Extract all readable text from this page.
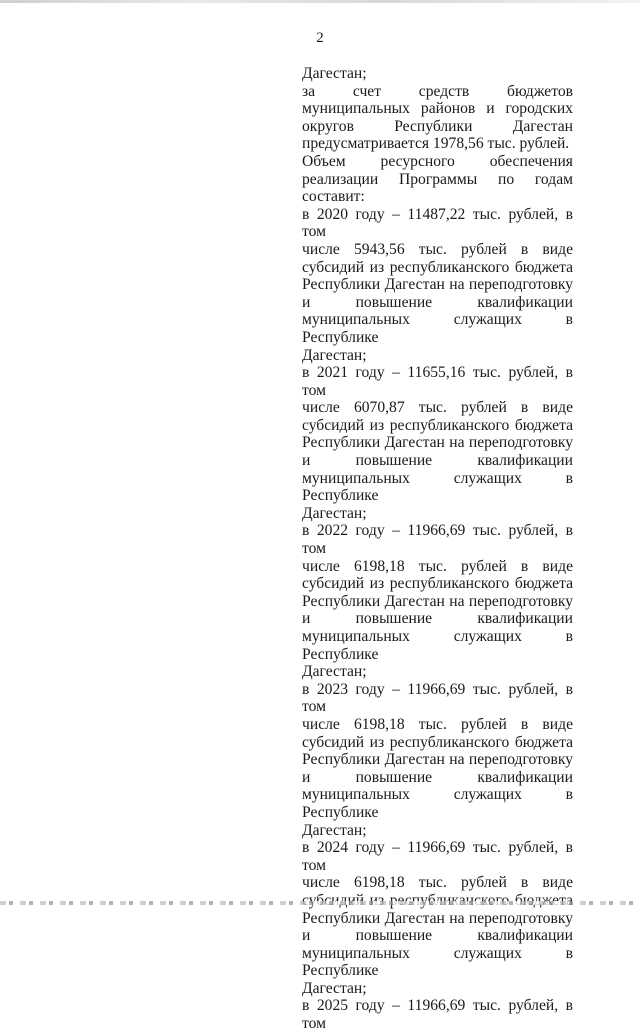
2

Дагестан;

за счет средств бюджетов

муниципальных районов и городских

округов Республики Дагестан

предусматривается 1978,56 тыс. рублей.

Объем ресурсного обеспечения

реализации Программы по годам

составит:

в 2020 году – 11487,22 тыс. рублей, в том

числе 5943,56 тыс. рублей в виде

субсидий из республиканского бюджета

Республики Дагестан на переподготовку

и повышение квалификации

муниципальных служащих в Республике

Дагестан;

в 2021 году – 11655,16 тыс. рублей, в том

числе 6070,87 тыс. рублей в виде

субсидий из республиканского бюджета

Республики Дагестан на переподготовку

и повышение квалификации

муниципальных служащих в Республике

Дагестан;

в 2022 году – 11966,69 тыс. рублей, в том

числе 6198,18 тыс. рублей в виде

субсидий из республиканского бюджета

Республики Дагестан на переподготовку

и повышение квалификации

муниципальных служащих в Республике

Дагестан;

в 2023 году – 11966,69 тыс. рублей, в том

числе 6198,18 тыс. рублей в виде

субсидий из республиканского бюджета

Республики Дагестан на переподготовку

и повышение квалификации

муниципальных служащих в Республике

Дагестан;

в 2024 году – 11966,69 тыс. рублей, в том

числе 6198,18 тыс. рублей в виде

Республики Дагестан на переподготовку

и повышение квалификации

муниципальных служащих в Республике

Дагестан;

в 2025 году – 11966,69 тыс. рублей, в том
